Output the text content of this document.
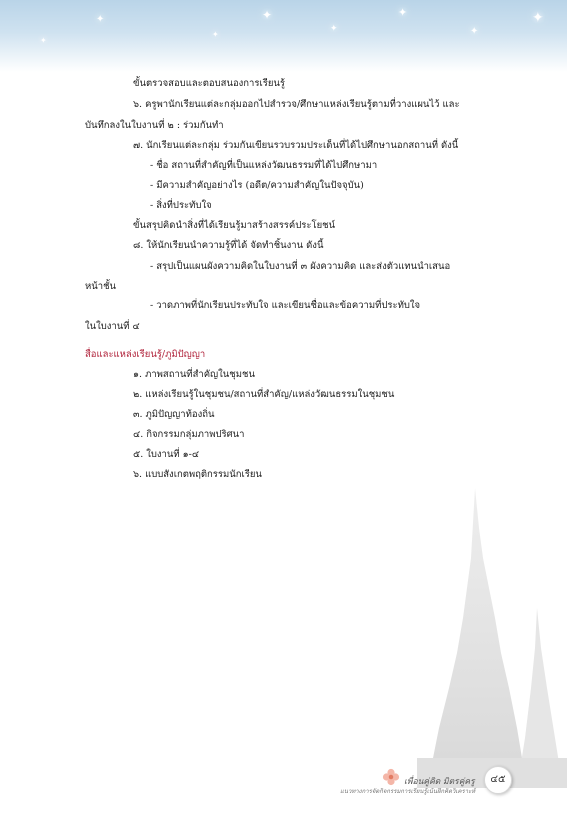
✦
✦
✦
✦
✦
✦
✦
✦
ขั้นตรวจสอบและตอบสนองการเรียนรู้
๖. ครูพานักเรียนแต่ละกลุ่มออกไปสำรวจ/ศึกษาแหล่งเรียนรู้ตามที่วางแผนไว้ และ
บันทึกลงในใบงานที่ ๒ : ร่วมกันทำ
๗. นักเรียนแต่ละกลุ่ม ร่วมกันเขียนรวบรวมประเด็นที่ได้ไปศึกษานอกสถานที่ ดังนี้
- ชื่อ สถานที่สำคัญที่เป็นแหล่งวัฒนธรรมที่ได้ไปศึกษามา
- มีความสำคัญอย่างไร (อดีต/ความสำคัญในปัจจุบัน)
- สิ่งที่ประทับใจ
ขั้นสรุปคิดนำสิ่งที่ได้เรียนรู้มาสร้างสรรค์ประโยชน์
๘. ให้นักเรียนนำความรู้ที่ได้ จัดทำชิ้นงาน ดังนี้
- สรุปเป็นแผนผังความคิดในใบงานที่ ๓ ผังความคิด และส่งตัวแทนนำเสนอ
หน้าชั้น
- วาดภาพที่นักเรียนประทับใจ และเขียนชื่อและข้อความที่ประทับใจ
ในใบงานที่ ๔
สื่อและแหล่งเรียนรู้/ภูมิปัญญา
๑. ภาพสถานที่สำคัญในชุมชน
๒. แหล่งเรียนรู้ในชุมชน/สถานที่สำคัญ/แหล่งวัฒนธรรมในชุมชน
๓. ภูมิปัญญาท้องถิ่น
๔. กิจกรรมกลุ่มภาพปริศนา
๕. ใบงานที่ ๑-๔
๖. แบบสังเกตพฤติกรรมนักเรียน
เพื่อนคู่คิด มิตรคู่ครู
แนวทางการจัดกิจกรรมการเรียนรู้เน้นฝึกคิดวิเคราะห์
๔๕
